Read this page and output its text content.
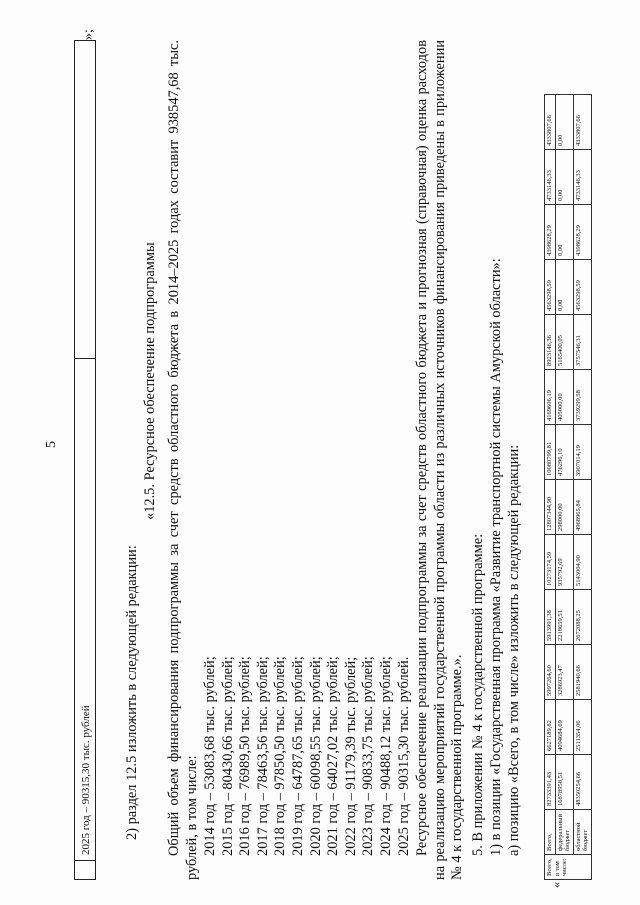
5
2025 год – 90315,30 тыс. рублей
»;
2) раздел 12.5 изложить в следующей редакции:
«12.5. Ресурсное обеспечение подпрограммы Общий объем финансирования подпрограммы за счет средств областного бюджета в 2014–2025 годах составит 938547,68 тыс. рублей, в том числе: 2014 год – 53083,68 тыс. рублей; 2015 год – 80430,66 тыс. рублей; 2016 год – 76989,50 тыс. рублей; 2017 год – 78463,56 тыс. рублей; 2018 год – 97850,50 тыс. рублей; 2019 год – 64787,65 тыс. рублей; 2020 год – 60098,55 тыс. рублей; 2021 год – 64027,02 тыс. рублей; 2022 год – 91179,39 тыс. рублей; 2023 год – 90833,75 тыс. рублей; 2024 год – 90488,12 тыс. рублей; 2025 год – 90315,30 тыс. рублей. Ресурсное обеспечение реализации подпрограммы за счет средств областного бюджета и прогнозная (справочная) оценка расходов на реализацию мероприятий государственной программы области из различных источников финансирования приведены в приложении № 4 к государственной программе.». 5. В приложении № 4 к государственной программе: 1) в позиции «Государственная программа «Развитие транспортной системы Амурской области»: а) позицию «Всего, в том числе» изложить в следующей редакции:
«
Всего, в том числе:	Всего,	82733391,43	6627189,82	5997264,60	5913991,38	10273174,59	12807344,90	10080799,81	4169606,19	8923146,36	4563298,59	4398628,29	4733146,33	4333807,66
	федеральный бюджет	16878958,51	4094684,69	3286923,47	2218659,51	935792,69	298000,00	476296,10	405000,00	5165400,05	0,00	0,00	0,00	0,00
	областной бюджет	48350254,66	2511354,06	2581940,66	2672088,25	5143004,90	4968965,84	3907014,19	3739299,58	3757546,31	4563298,59	4398628,29	4733146,33	4333807,66
